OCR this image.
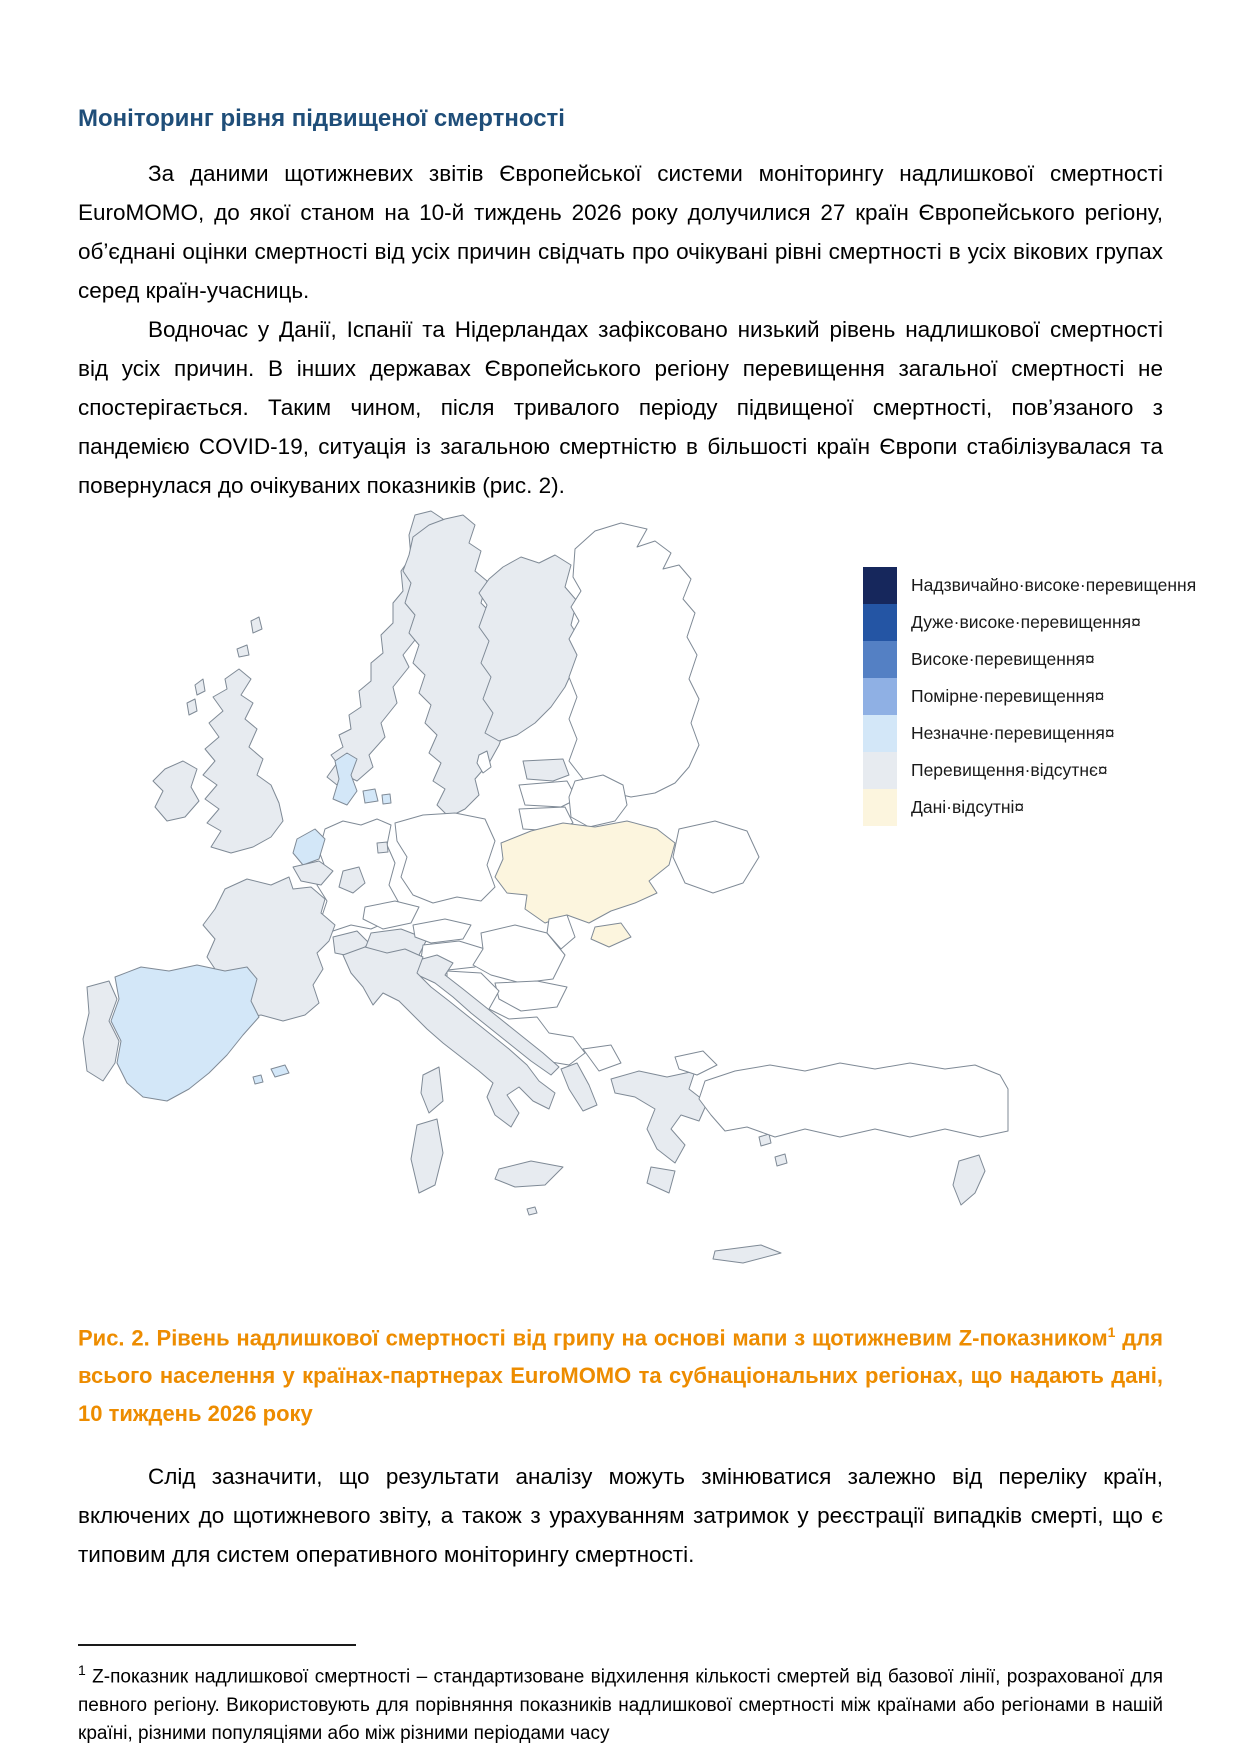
Моніторинг рівня підвищеної смертності

За даними щотижневих звітів Європейської системи моніторингу надлишкової смертності EuroMOMO, до якої станом на 10-й тиждень 2026 року долучилися 27 країн Європейського регіону, об’єднані оцінки смертності від усіх причин свідчать про очікувані рівні смертності в усіх вікових групах серед країн-учасниць.

Водночас у Данії, Іспанії та Нідерландах зафіксовано низький рівень надлишкової смертності від усіх причин. В інших державах Європейського регіону перевищення загальної смертності не спостерігається. Таким чином, після тривалого періоду підвищеної смертності, пов’язаного з пандемією COVID-19, ситуація із загальною смертністю в більшості країн Європи стабілізувалася та повернулася до очікуваних показників (рис. 2).

Надзвичайно·високе·перевищення
Дуже·високе·перевищення¤
Високе·перевищення¤
Помірне·перевищення¤
Незначне·перевищення¤
Перевищення·відсутнє¤
Дані·відсутні¤

Рис. 2. Рівень надлишкової смертності від грипу на основі мапи з щотижневим Z-показником$^1$ для всього населення у країнах-партнерах EuroMOMO та субнаціональних регіонах, що надають дані, 10 тиждень 2026 року

Слід зазначити, що результати аналізу можуть змінюватися залежно від переліку країн, включених до щотижневого звіту, а також з урахуванням затримок у реєстрації випадків смерті, що є типовим для систем оперативного моніторингу смертності.

$^1$ Z-показник надлишкової смертності – стандартизоване відхилення кількості смертей від базової лінії, розрахованої для певного регіону. Використовують для порівняння показників надлишкової смертності між країнами або регіонами в нашій країні, різними популяціями або між різними періодами часу
